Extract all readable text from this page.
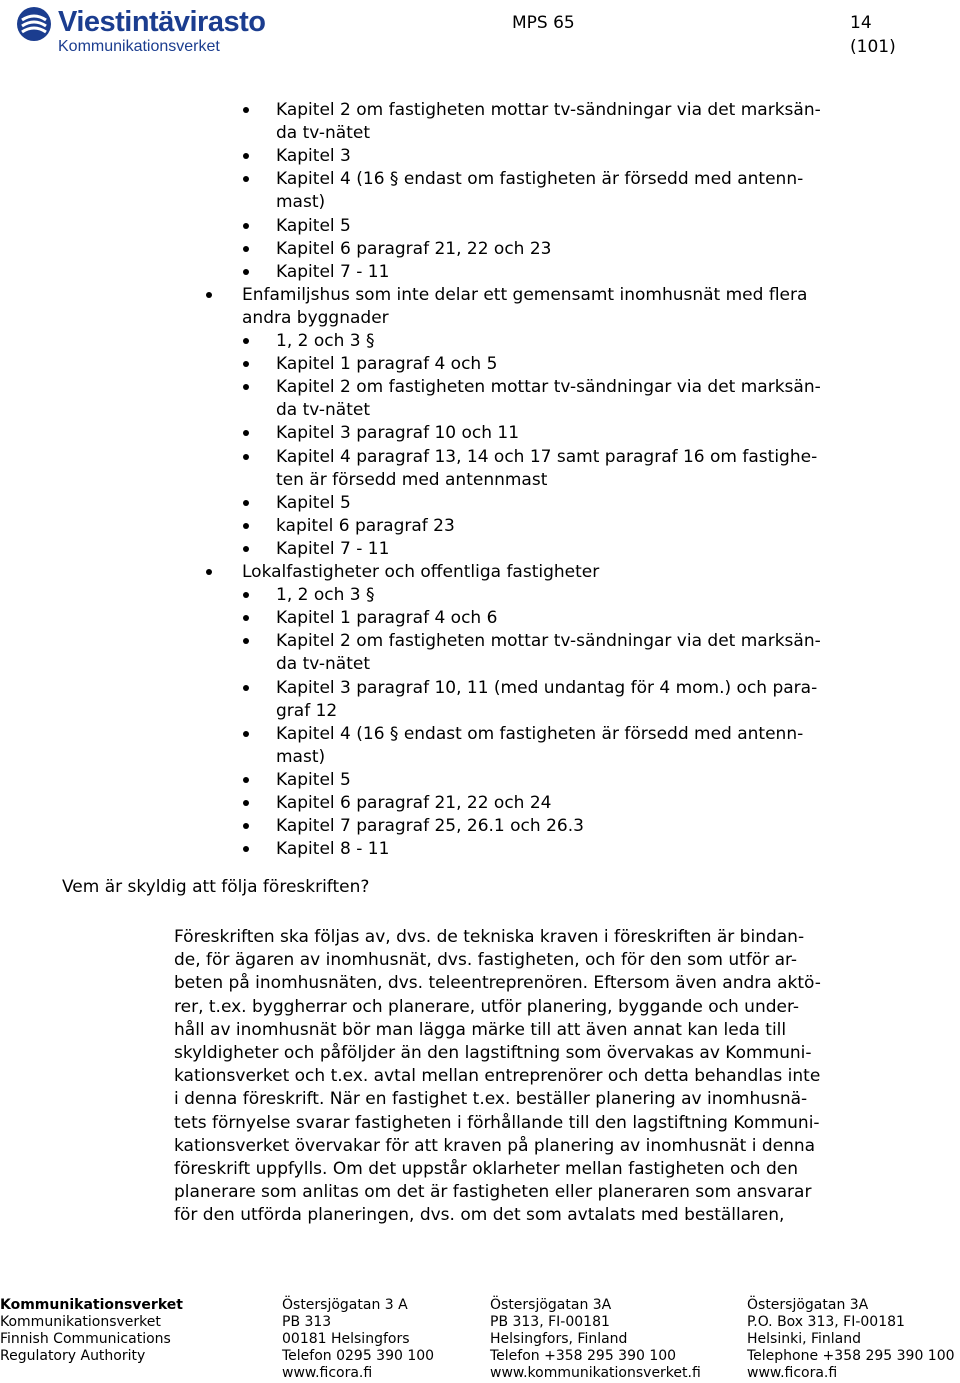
Viestintävirasto
Kommunikationsverket
MPS 65	14
(101)
Kapitel 2 om fastigheten mottar tv-sändningar via det marksän-
da tv-nätet
Kapitel 3
Kapitel 4 (16 § endast om fastigheten är försedd med antenn-
mast)
Kapitel 5
Kapitel 6 paragraf 21, 22 och 23
Kapitel 7 - 11
Enfamiljshus som inte delar ett gemensamt inomhusnät med flera
andra byggnader
1, 2 och 3 §
Kapitel 1 paragraf 4 och 5
Kapitel 2 om fastigheten mottar tv-sändningar via det marksän-
da tv-nätet
Kapitel 3 paragraf 10 och 11
Kapitel 4 paragraf 13, 14 och 17 samt paragraf 16 om fastighe-
ten är försedd med antennmast
Kapitel 5
kapitel 6 paragraf 23
Kapitel 7 - 11
Lokalfastigheter och offentliga fastigheter
1, 2 och 3 §
Kapitel 1 paragraf 4 och 6
Kapitel 2 om fastigheten mottar tv-sändningar via det marksän-
da tv-nätet
Kapitel 3 paragraf 10, 11 (med undantag för 4 mom.) och para-
graf 12
Kapitel 4 (16 § endast om fastigheten är försedd med antenn-
mast)
Kapitel 5
Kapitel 6 paragraf 21, 22 och 24
Kapitel 7 paragraf 25, 26.1 och 26.3
Kapitel 8 - 11
Vem är skyldig att följa föreskriften?
Föreskriften ska följas av, dvs. de tekniska kraven i föreskriften är bindan-
de, för ägaren av inomhusnät, dvs. fastigheten, och för den som utför ar-
beten på inomhusnäten, dvs. teleentreprenören. Eftersom även andra aktö-
rer, t.ex. byggherrar och planerare, utför planering, byggande och under-
håll av inomhusnät bör man lägga märke till att även annat kan leda till
skyldigheter och påföljder än den lagstiftning som övervakas av Kommuni-
kationsverket och t.ex. avtal mellan entreprenörer och detta behandlas inte
i denna föreskrift. När en fastighet t.ex. beställer planering av inomhusnä-
tets förnyelse svarar fastigheten i förhållande till den lagstiftning Kommuni-
kationsverket övervakar för att kraven på planering av inomhusnät i denna
föreskrift uppfylls. Om det uppstår oklarheter mellan fastigheten och den
planerare som anlitas om det är fastigheten eller planeraren som ansvarar
för den utförda planeringen, dvs. om det som avtalats med beställaren,
Kommunikationsverket
Kommunikationsverket
Finnish Communications
Regulatory Authority
Östersjögatan 3 A
PB 313
00181 Helsingfors
Telefon 0295 390 100
www.ficora.fi
Östersjögatan 3A
PB 313, FI-00181
Helsingfors, Finland
Telefon +358 295 390 100
www.kommunikationsverket.fi
Östersjögatan 3A
P.O. Box 313, FI-00181
Helsinki, Finland
Telephone +358 295 390 100
www.ficora.fi
